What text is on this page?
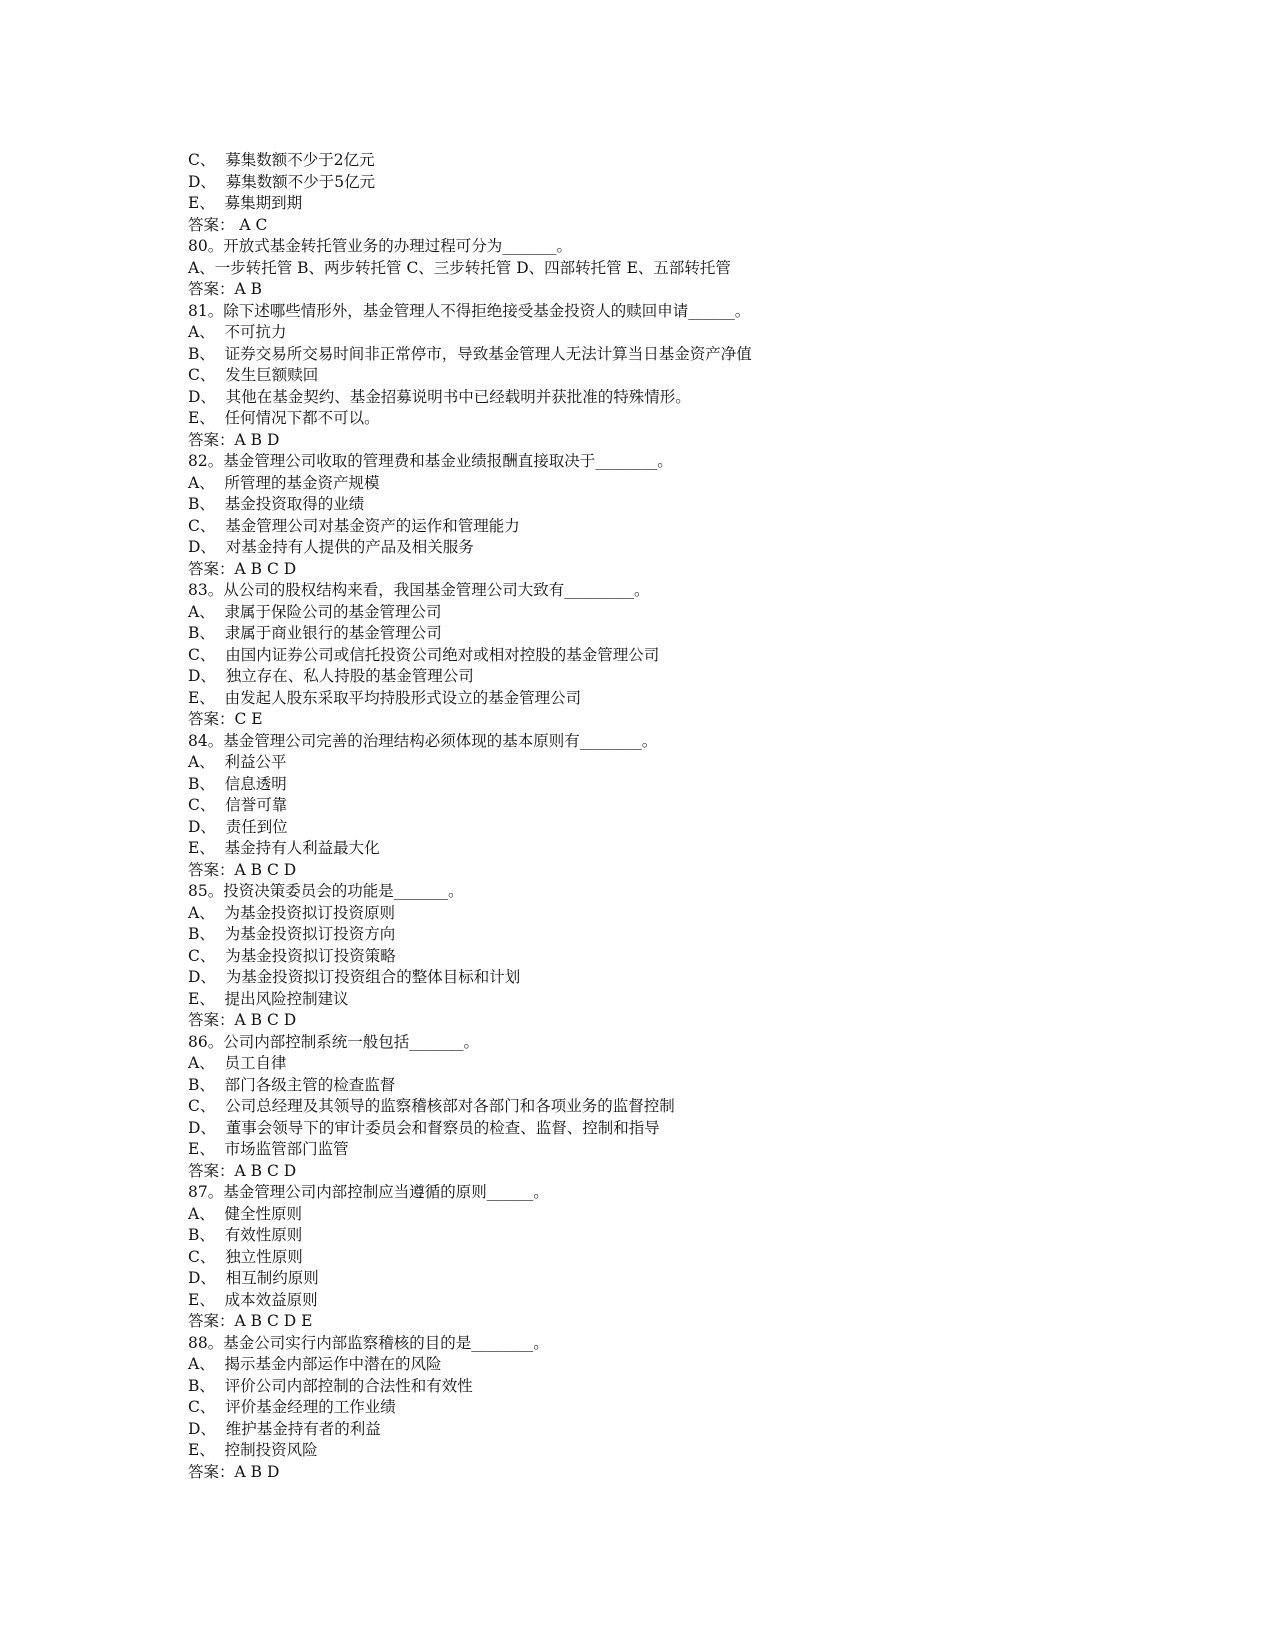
C、  募集数额不少于2亿元
D、  募集数额不少于5亿元
E、  募集期到期
答案： A C
80。开放式基金转托管业务的办理过程可分为_______。
A、一步转托管 B、两步转托管 C、三步转托管 D、四部转托管 E、五部转托管
答案：A B
81。除下述哪些情形外，基金管理人不得拒绝接受基金投资人的赎回申请______。
A、  不可抗力
B、  证券交易所交易时间非正常停市，导致基金管理人无法计算当日基金资产净值
C、  发生巨额赎回
D、  其他在基金契约、基金招募说明书中已经载明并获批准的特殊情形。
E、  任何情况下都不可以。
答案：A B D
82。基金管理公司收取的管理费和基金业绩报酬直接取决于________。
A、  所管理的基金资产规模
B、  基金投资取得的业绩
C、  基金管理公司对基金资产的运作和管理能力
D、  对基金持有人提供的产品及相关服务
答案：A B C D
83。从公司的股权结构来看，我国基金管理公司大致有_________。
A、  隶属于保险公司的基金管理公司
B、  隶属于商业银行的基金管理公司
C、  由国内证券公司或信托投资公司绝对或相对控股的基金管理公司
D、  独立存在、私人持股的基金管理公司
E、  由发起人股东采取平均持股形式设立的基金管理公司
答案：C E
84。基金管理公司完善的治理结构必须体现的基本原则有________。
A、  利益公平
B、  信息透明
C、  信誉可靠
D、  责任到位
E、  基金持有人利益最大化
答案：A B C D
85。投资决策委员会的功能是_______。
A、  为基金投资拟订投资原则
B、  为基金投资拟订投资方向
C、  为基金投资拟订投资策略
D、  为基金投资拟订投资组合的整体目标和计划
E、  提出风险控制建议
答案：A B C D
86。公司内部控制系统一般包括_______。
A、  员工自律
B、  部门各级主管的检查监督
C、  公司总经理及其领导的监察稽核部对各部门和各项业务的监督控制
D、  董事会领导下的审计委员会和督察员的检查、监督、控制和指导
E、  市场监管部门监管
答案：A B C D
87。基金管理公司内部控制应当遵循的原则______。
A、  健全性原则
B、  有效性原则
C、  独立性原则
D、  相互制约原则
E、  成本效益原则
答案：A B C D E
88。基金公司实行内部监察稽核的目的是________。
A、  揭示基金内部运作中潜在的风险
B、  评价公司内部控制的合法性和有效性
C、  评价基金经理的工作业绩
D、  维护基金持有者的利益
E、  控制投资风险
答案：A B D
